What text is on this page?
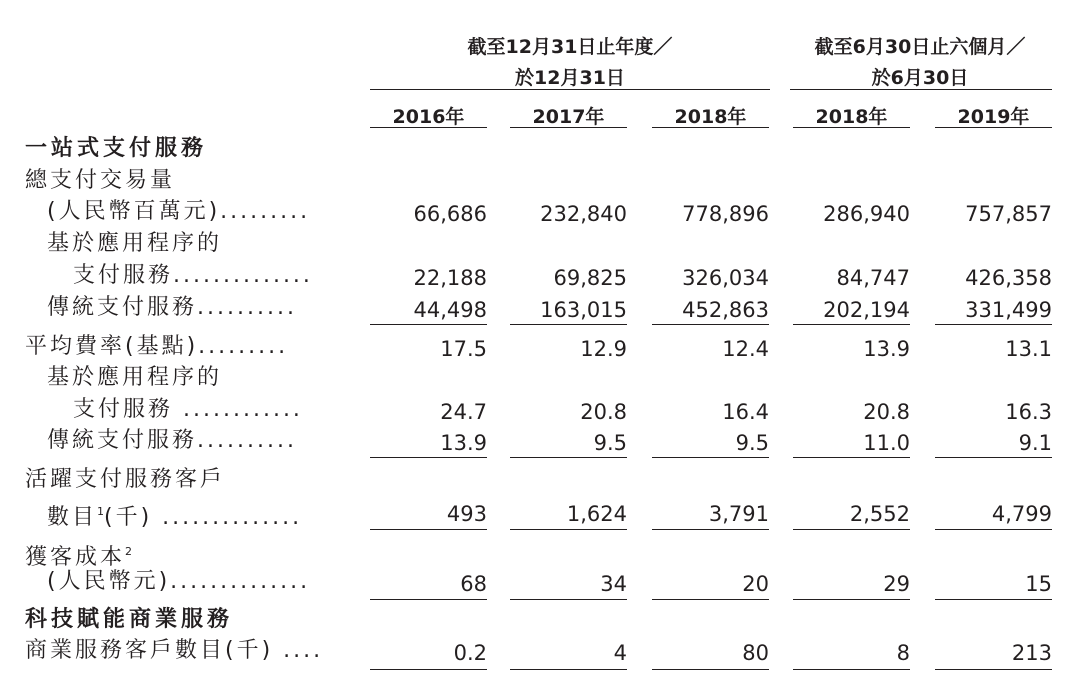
截至12月31日止年度／
於12月31日
截至6月30日止六個月／
於6月30日
2016年	2017年	2018年	2018年	2019年
一站式支付服務
總支付交易量
(人民幣百萬元).........	66,686	232,840	778,896	286,940	757,857
基於應用程序的
支付服務..............	22,188	69,825	326,034	84,747	426,358
傳統支付服務..........	44,498	163,015	452,863	202,194	331,499
平均費率(基點).........	17.5	12.9	12.4	13.9	13.1
基於應用程序的
支付服務 ............	24.7	20.8	16.4	20.8	16.3
傳統支付服務..........	13.9	9.5	9.5	11.0	9.1
活躍支付服務客戶
數目$^1$(千) ..............	493	1,624	3,791	2,552	4,799
獲客成本$^2$
(人民幣元)..............	68	34	20	29	15
科技賦能商業服務
商業服務客戶數目(千) ....	0.2	4	80	8	213
